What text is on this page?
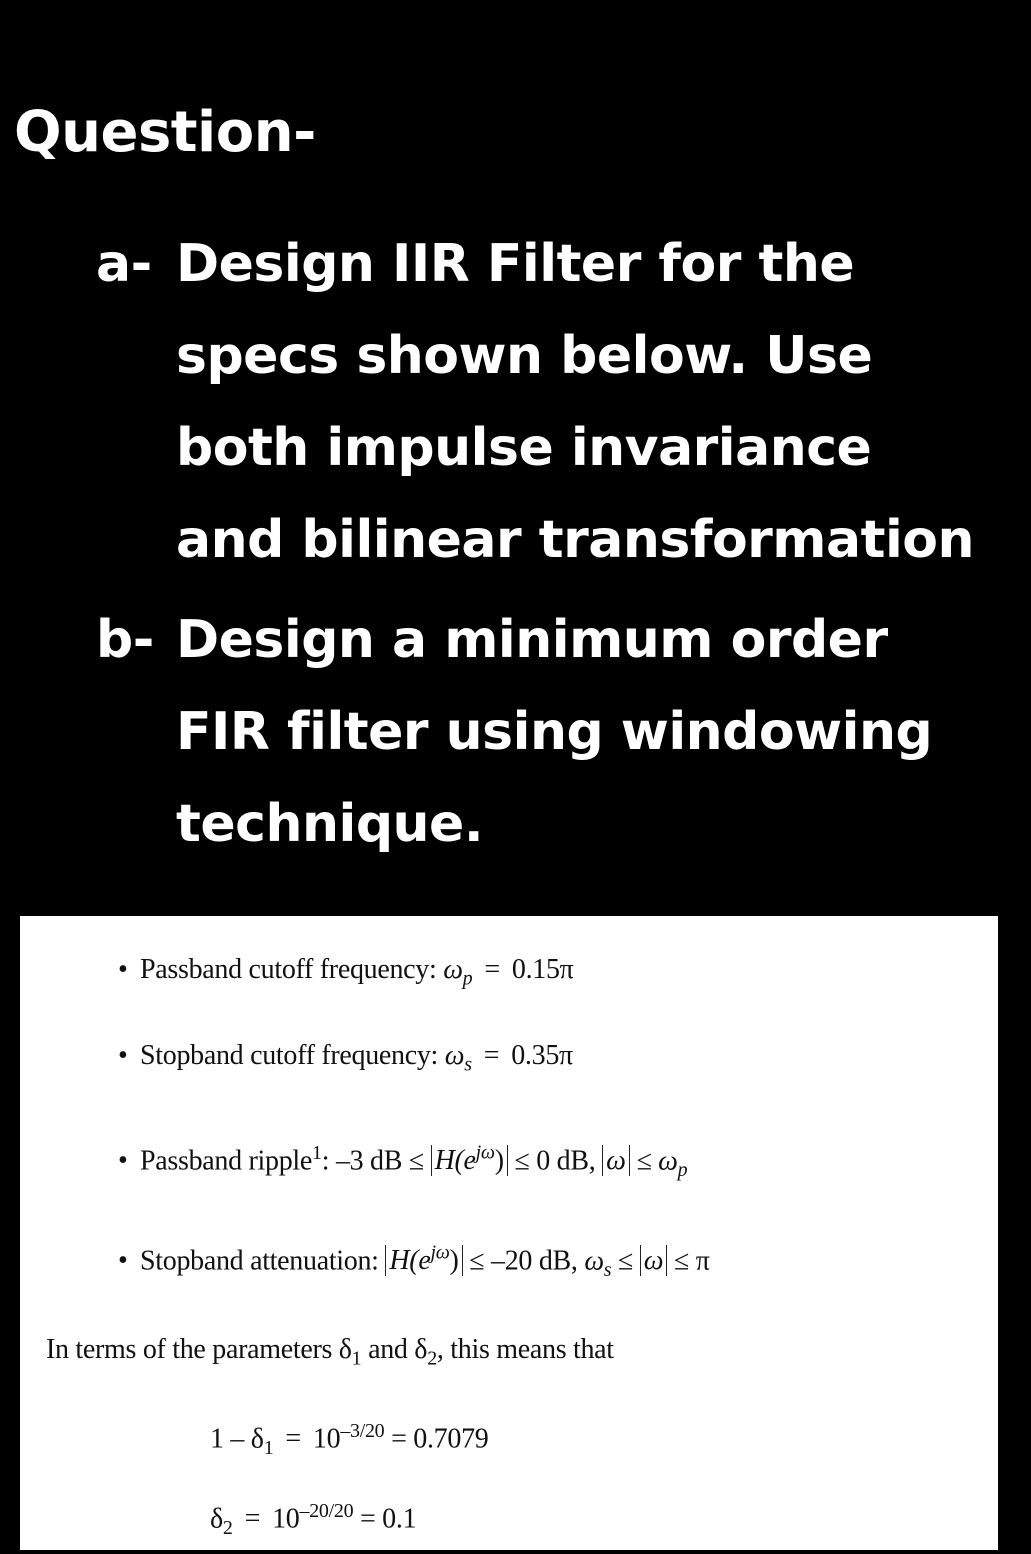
Question-
a- Design IIR Filter for the
specs shown below. Use
both impulse invariance
and bilinear transformation
b- Design a minimum order
FIR filter using windowing
technique.
• Passband cutoff frequency: $\omega_p = 0.15\pi$
• Stopband cutoff frequency: $\omega_s = 0.35\pi$
• Passband ripple$^1$: –3 dB ≤ $H(e^{j\omega}) \le 0$ dB, $\omega \le \omega_p$
• Stopband attenuation: $H(e^{j\omega}) \le -20$ dB, $\omega_s \le \omega \le \pi$
In terms of the parameters $\delta_1$ and $\delta_2$, this means that
$1 - \delta_1 = 10^{-3/20} = 0.7079$
$\delta_2 = 10^{-20/20} = 0.1$
